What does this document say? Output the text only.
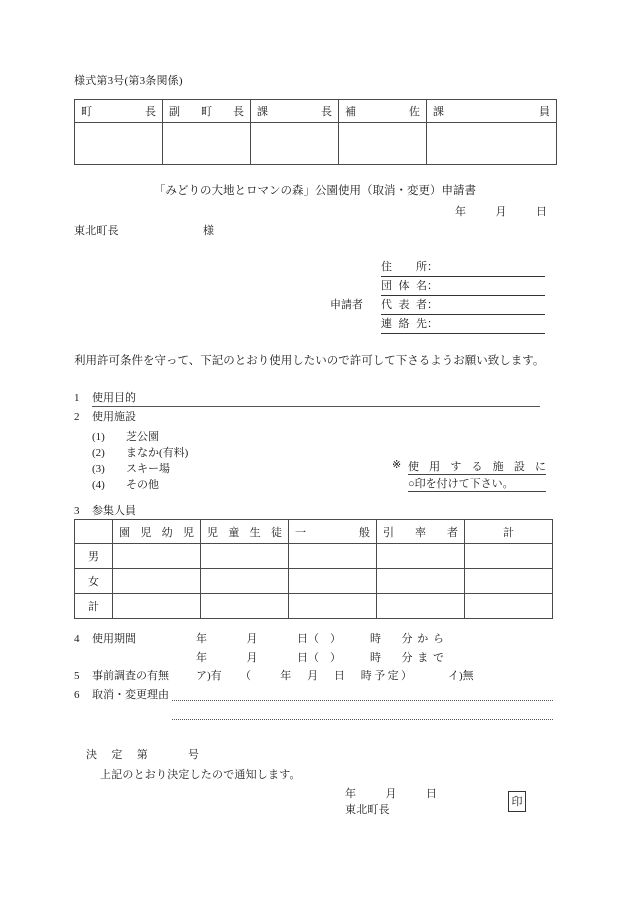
様式第3号(第3条関係)
町長	副町長	課長	補佐	課員

「みどりの大地とロマンの森」公園使用（取消・変更）申請書
年	月	日
東北町長	様
申請者
住　所：
団体名：
代表者：
連絡先：
利用許可条件を守って、下記のとおり使用したいので許可して下さるようお願い致します。
1 使用目的
2 使用施設
(1) 芝公園
(2) まなか(有料)
(3) スキー場
(4) その他
※ 使用する施設に
○印を付けて下さい。
3 参集人員

	園児幼児	児童生徒	一般	引率者	計
男					
女					
計					
4 使用期間	年　月　日（　）	時　分から
年　月　日（　）	時　分まで
5 事前調査の有無 ア)有 （　　年　月　日　時予定）	イ)無
6 取消・変更理由
決定第	号
上記のとおり決定したので通知します。
年	月	日
東北町長
印
